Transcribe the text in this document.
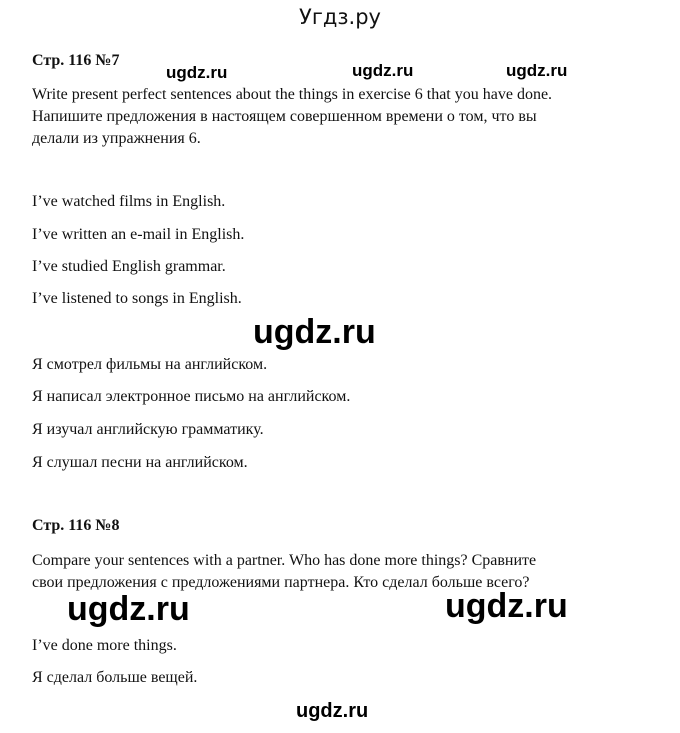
Угдз.ру
Стр. 116 №7
Write present perfect sentences about the things in exercise 6 that you have done.
Напишите предложения в настоящем совершенном времени о том, что вы
делали из упражнения 6.
I’ve watched films in English.
I’ve written an e-mail in English.
I’ve studied English grammar.
I’ve listened to songs in English.
Я смотрел фильмы на английском.
Я написал электронное письмо на английском.
Я изучал английскую грамматику.
Я слушал песни на английском.
Стр. 116 №8
Compare your sentences with a partner. Who has done more things? Сравните
свои предложения с предложениями партнера. Кто сделал больше всего?
I’ve done more things.
Я сделал больше вещей.
ugdz.ru	ugdz.ru	ugdz.ru
ugdz.ru
ugdz.ru	ugdz.ru
ugdz.ru
